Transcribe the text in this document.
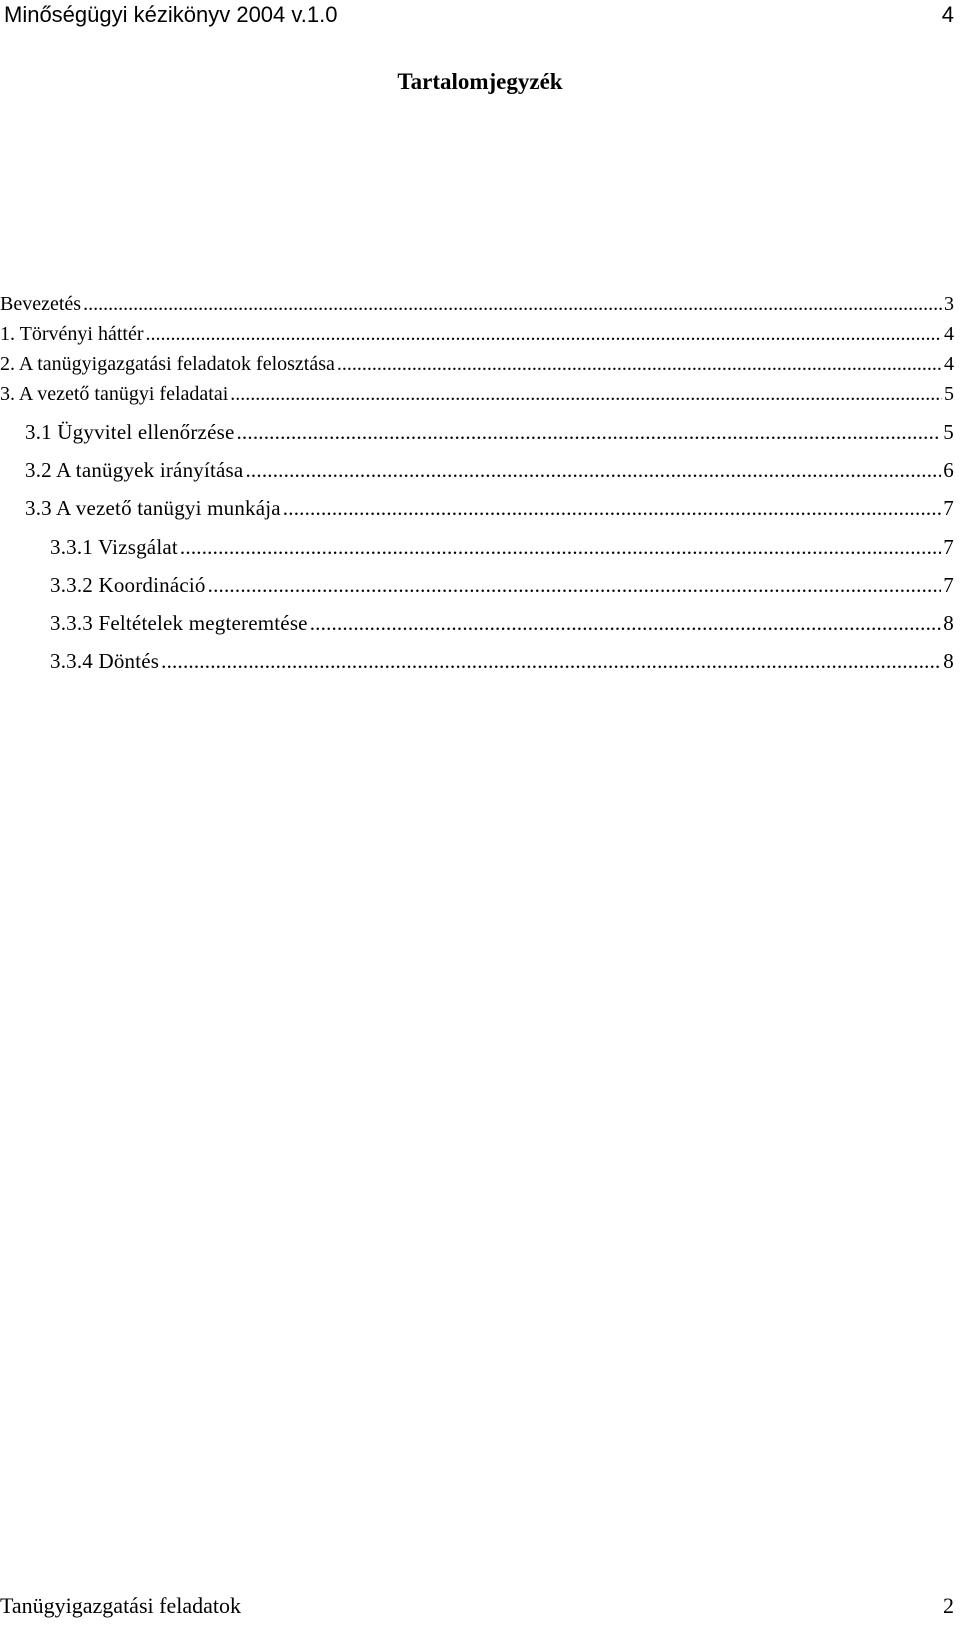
Minőségügyi kézikönyv 2004 v.1.0	4
Tartalomjegyzék
Bevezetés .....	3
1. Törvényi háttér .....	4
2. A tanügyigazgatási feladatok felosztása .....	4
3. A vezető tanügyi feladatai .....	5
3.1 Ügyvitel ellenőrzése .....	5
3.2 A tanügyek irányítása .....	6
3.3 A vezető tanügyi munkája .....	7
3.3.1 Vizsgálat .....	7
3.3.2 Koordináció .....	7
3.3.3 Feltételek megteremtése .....	8
3.3.4 Döntés .....	8
Tanügyigazgatási feladatok	2
